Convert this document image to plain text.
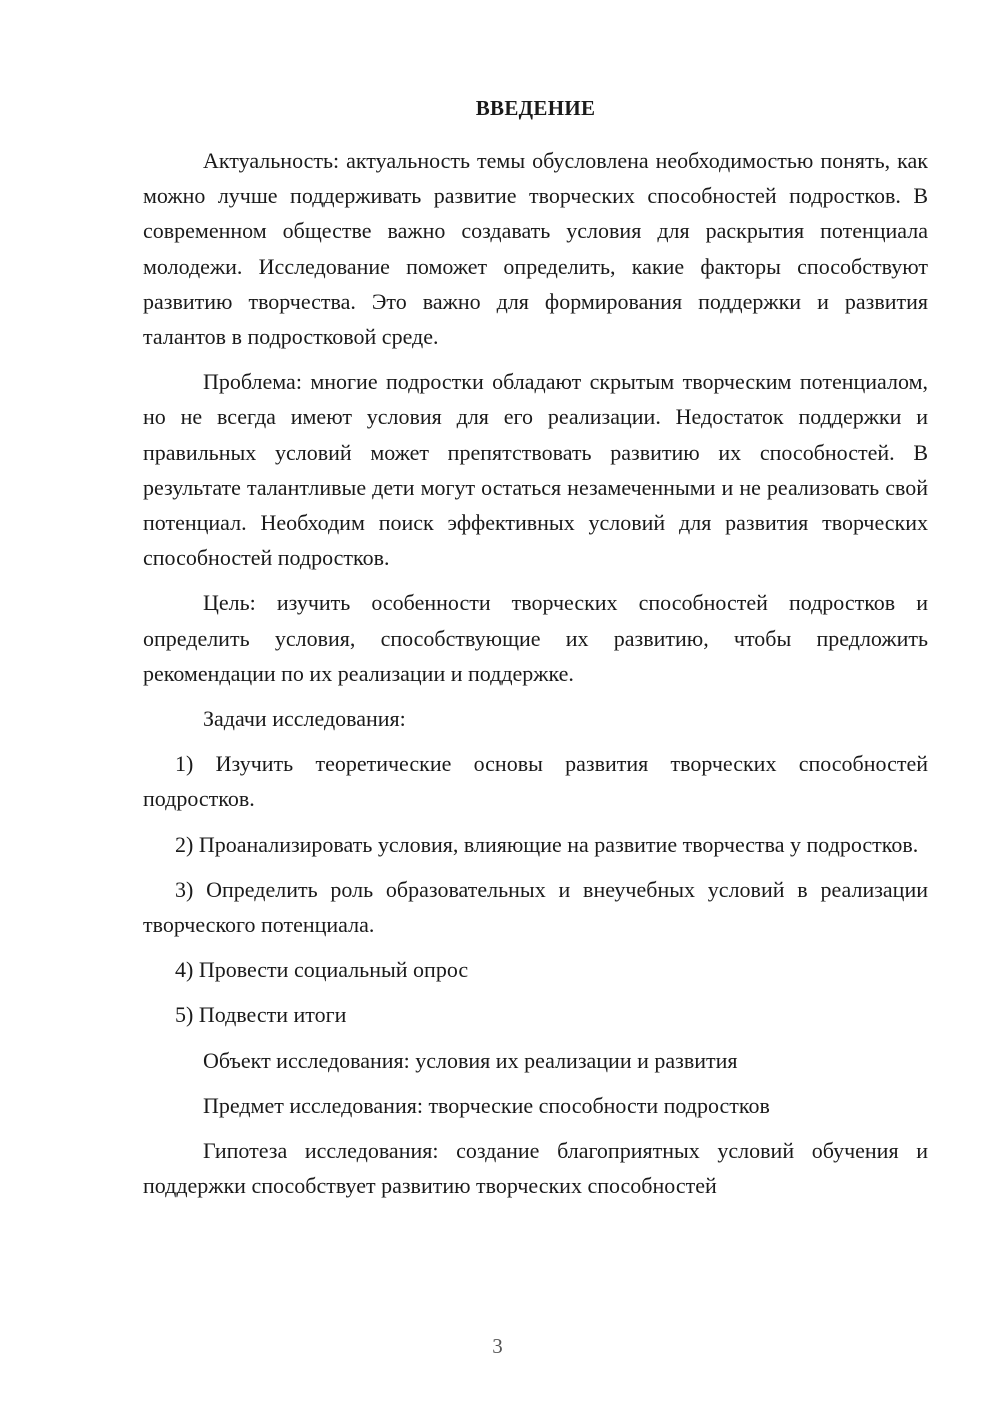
ВВЕДЕНИЕ

Актуальность: актуальность темы обусловлена необходимостью понять, как можно лучше поддерживать развитие творческих способностей подростков. В современном обществе важно создавать условия для раскрытия потенциала молодежи. Исследование поможет определить, какие факторы способствуют развитию творчества. Это важно для формирования поддержки и развития талантов в подростковой среде.

Проблема: многие подростки обладают скрытым творческим потенциалом, но не всегда имеют условия для его реализации. Недостаток поддержки и правильных условий может препятствовать развитию их способностей. В результате талантливые дети могут остаться незамеченными и не реализовать свой потенциал. Необходим поиск эффективных условий для развития творческих способностей подростков.

Цель: изучить особенности творческих способностей подростков и определить условия, способствующие их развитию, чтобы предложить рекомендации по их реализации и поддержке.

Задачи исследования:

1) Изучить теоретические основы развития творческих способностей подростков.

2) Проанализировать условия, влияющие на развитие творчества у подростков.

3) Определить роль образовательных и внеучебных условий в реализации творческого потенциала.

4) Провести социальный опрос

5) Подвести итоги

Объект исследования: условия их реализации и развития

Предмет исследования: творческие способности подростков

Гипотеза исследования: создание благоприятных условий обучения и поддержки способствует развитию творческих способностей

3
